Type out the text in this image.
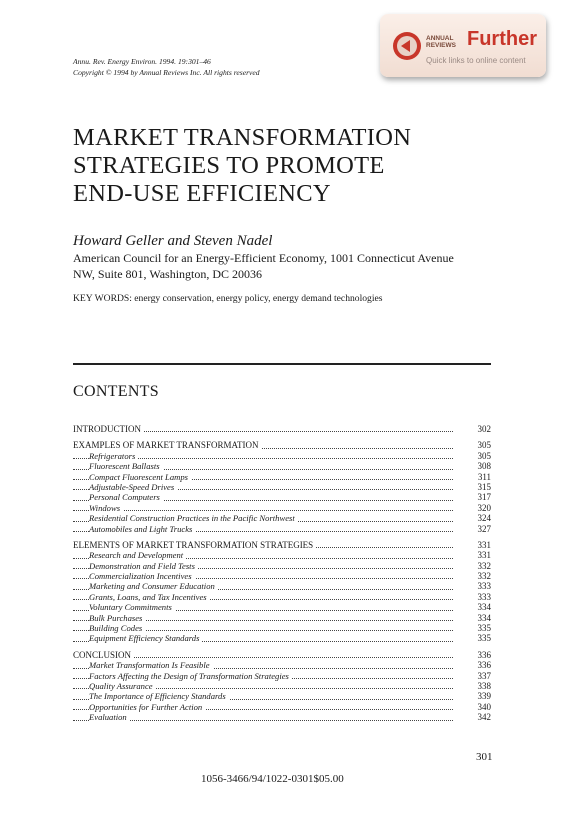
Annu. Rev. Energy Environ. 1994. 19:301–46
Copyright © 1994 by Annual Reviews Inc. All rights reserved
ANNUAL
REVIEWS Further
Quick links to online content
MARKET TRANSFORMATION
STRATEGIES TO PROMOTE
END-USE EFFICIENCY
Howard Geller and Steven Nadel
American Council for an Energy-Efficient Economy, 1001 Connecticut Avenue
NW, Suite 801, Washington, DC 20036
KEY WORDS: energy conservation, energy policy, energy demand technologies
CONTENTS
INTRODUCTION	302
EXAMPLES OF MARKET TRANSFORMATION	305
Refrigerators	305
Fluorescent Ballasts	308
Compact Fluorescent Lamps	311
Adjustable-Speed Drives	315
Personal Computers	317
Windows	320
Residential Construction Practices in the Pacific Northwest	324
Automobiles and Light Trucks	327
ELEMENTS OF MARKET TRANSFORMATION STRATEGIES	331
Research and Development	331
Demonstration and Field Tests	332
Commercialization Incentives	332
Marketing and Consumer Education	333
Grants, Loans, and Tax Incentives	333
Voluntary Commitments	334
Bulk Purchases	334
Building Codes	335
Equipment Efficiency Standards	335
CONCLUSION	336
Market Transformation Is Feasible	336
Factors Affecting the Design of Transformation Strategies	337
Quality Assurance	338
The Importance of Efficiency Standards	339
Opportunities for Further Action	340
Evaluation	342
301
1056-3466/94/1022-0301$05.00
